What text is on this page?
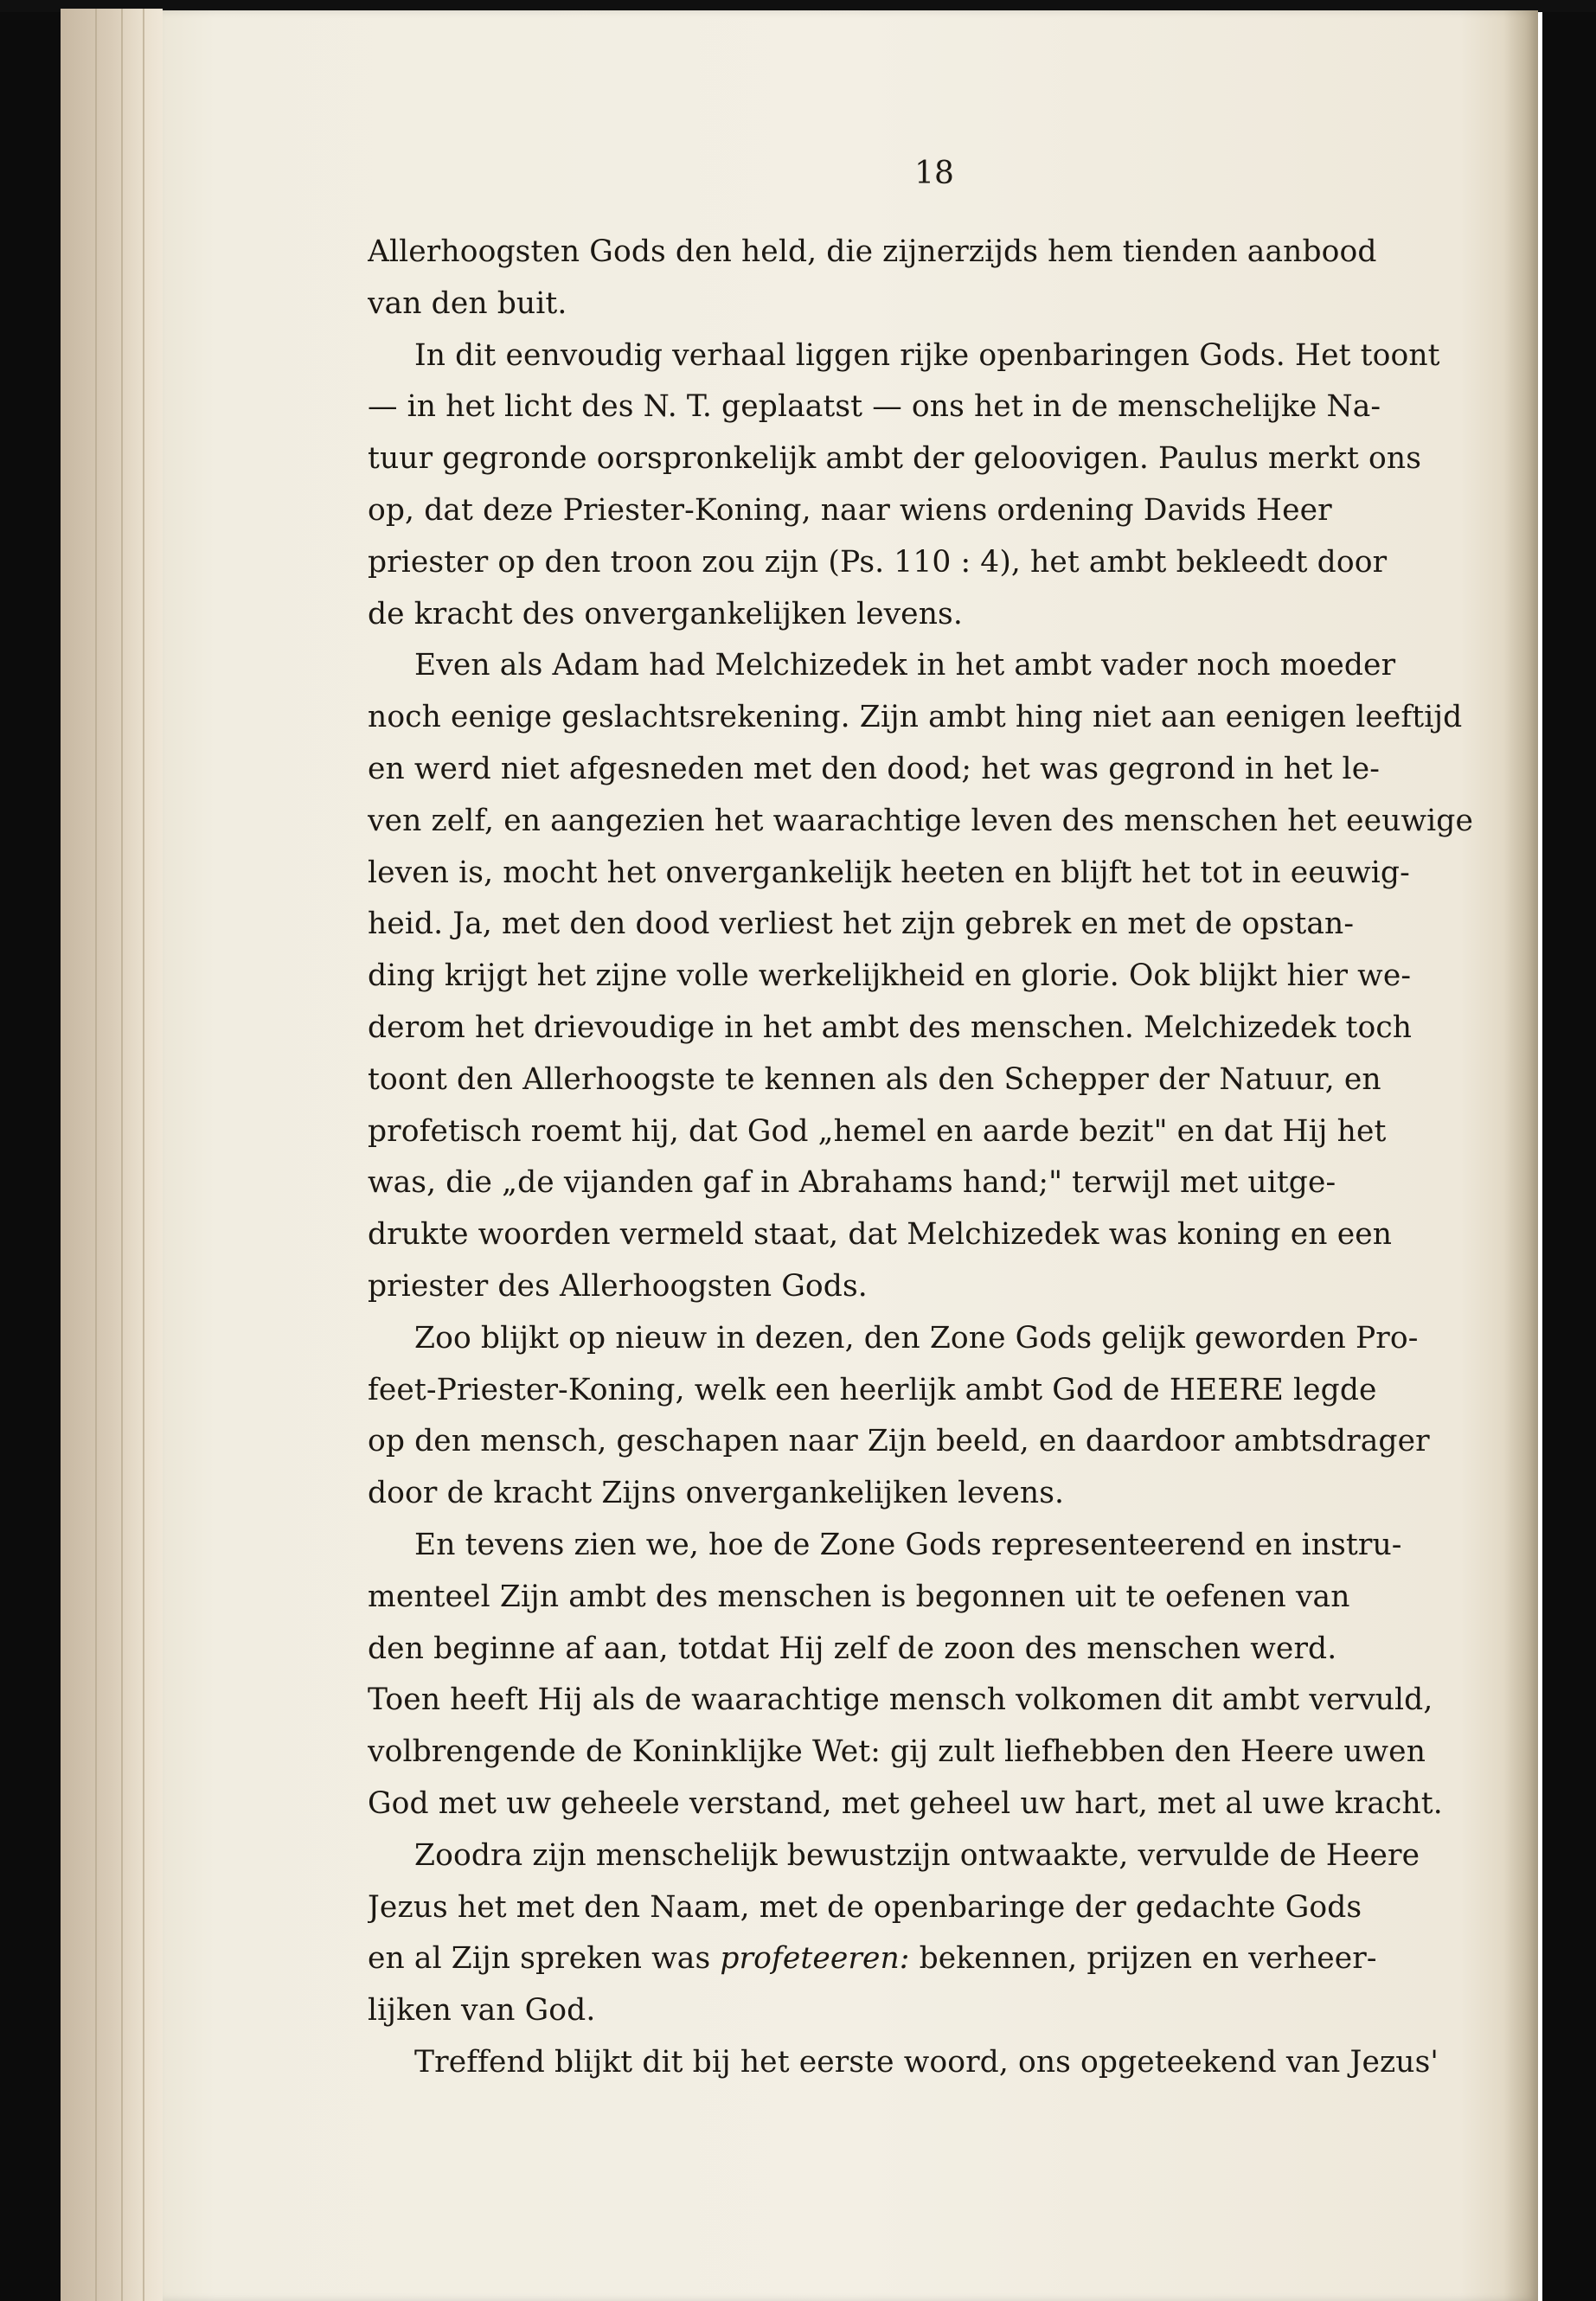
18
Allerhoogsten Gods den held, die zijnerzijds hem tienden aanbood
van den buit.
In dit eenvoudig verhaal liggen rijke openbaringen Gods. Het toont
— in het licht des N. T. geplaatst — ons het in de menschelijke Na-
tuur gegronde oorspronkelijk ambt der geloovigen. Paulus merkt ons
op, dat deze Priester-Koning, naar wiens ordening Davids Heer
priester op den troon zou zijn (Ps. 110 : 4), het ambt bekleedt door
de kracht des onvergankelijken levens.
Even als Adam had Melchizedek in het ambt vader noch moeder
noch eenige geslachtsrekening. Zijn ambt hing niet aan eenigen leeftijd
en werd niet afgesneden met den dood; het was gegrond in het le-
ven zelf, en aangezien het waarachtige leven des menschen het eeuwige
leven is, mocht het onvergankelijk heeten en blijft het tot in eeuwig-
heid. Ja, met den dood verliest het zijn gebrek en met de opstan-
ding krijgt het zijne volle werkelijkheid en glorie. Ook blijkt hier we-
derom het drievoudige in het ambt des menschen. Melchizedek toch
toont den Allerhoogste te kennen als den Schepper der Natuur, en
profetisch roemt hij, dat God „hemel en aarde bezit" en dat Hij het
was, die „de vijanden gaf in Abrahams hand;" terwijl met uitge-
drukte woorden vermeld staat, dat Melchizedek was koning en een
priester des Allerhoogsten Gods.
Zoo blijkt op nieuw in dezen, den Zone Gods gelijk geworden Pro-
feet-Priester-Koning, welk een heerlijk ambt God de HEERE legde
op den mensch, geschapen naar Zijn beeld, en daardoor ambtsdrager
door de kracht Zijns onvergankelijken levens.
En tevens zien we, hoe de Zone Gods representeerend en instru-
menteel Zijn ambt des menschen is begonnen uit te oefenen van
den beginne af aan, totdat Hij zelf de zoon des menschen werd.
Toen heeft Hij als de waarachtige mensch volkomen dit ambt vervuld,
volbrengende de Koninklijke Wet: gij zult liefhebben den Heere uwen
God met uw geheele verstand, met geheel uw hart, met al uwe kracht.
Zoodra zijn menschelijk bewustzijn ontwaakte, vervulde de Heere
Jezus het met den Naam, met de openbaringe der gedachte Gods
en al Zijn spreken was profeteeren: bekennen, prijzen en verheer-
lijken van God.
Treffend blijkt dit bij het eerste woord, ons opgeteekend van Jezus'
